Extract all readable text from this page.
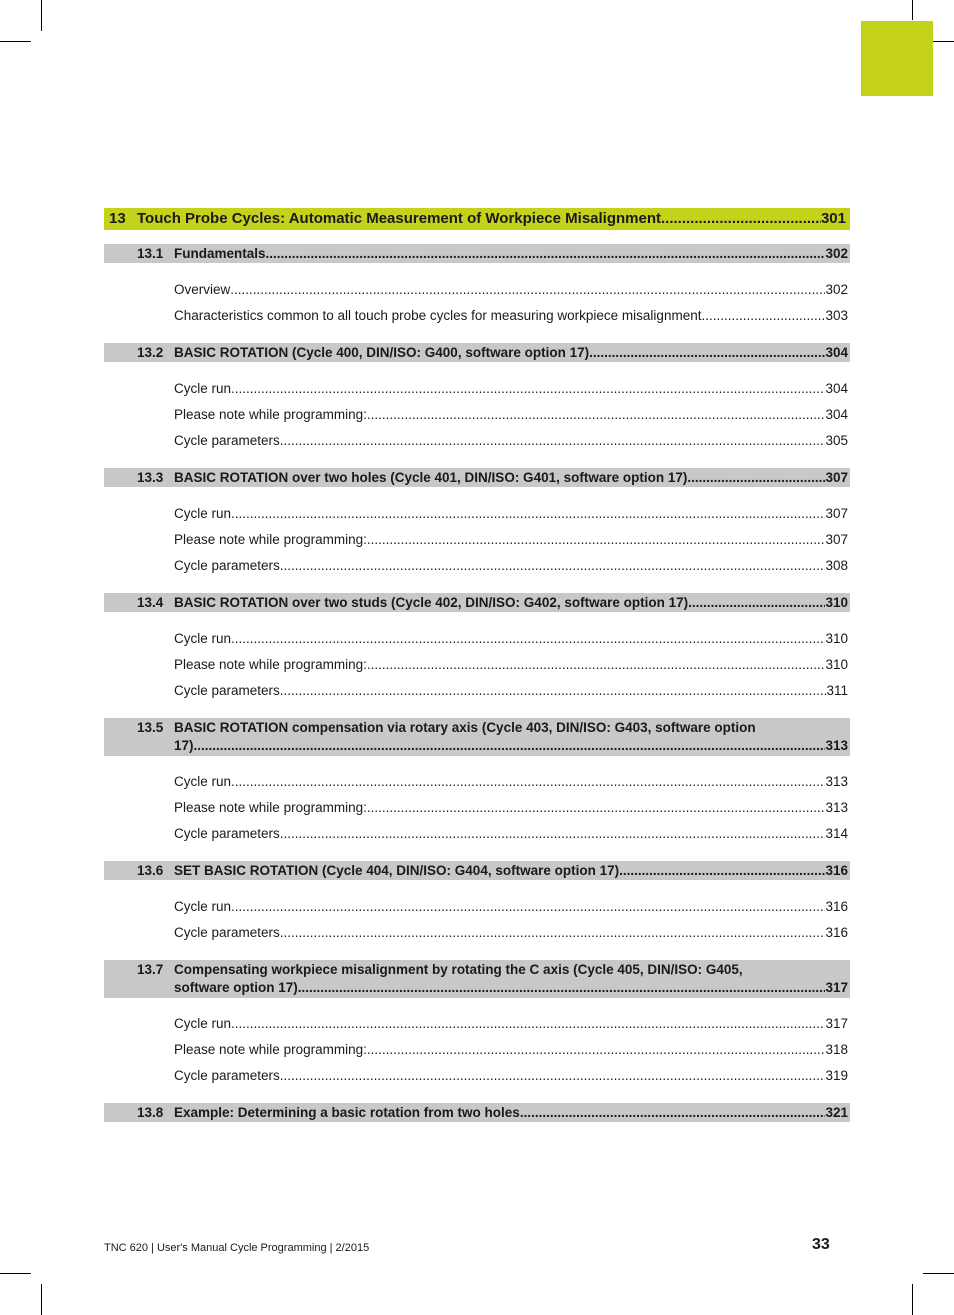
13 Touch Probe Cycles: Automatic Measurement of Workpiece Misalignment .....	301
13.1 Fundamentals .....	302
Overview .....	302
Characteristics common to all touch probe cycles for measuring workpiece misalignment .....	303
13.2 BASIC ROTATION (Cycle 400, DIN/ISO: G400, software option 17) .....	304
Cycle run .....	304
Please note while programming: .....	304
Cycle parameters .....	305
13.3 BASIC ROTATION over two holes (Cycle 401, DIN/ISO: G401, software option 17) .....	307
Cycle run .....	307
Please note while programming: .....	307
Cycle parameters .....	308
13.4 BASIC ROTATION over two studs (Cycle 402, DIN/ISO: G402, software option 17) .....	310
Cycle run .....	310
Please note while programming: .....	310
Cycle parameters .....	311
13.5 BASIC ROTATION compensation via rotary axis (Cycle 403, DIN/ISO: G403, software option
17) .....	313
Cycle run .....	313
Please note while programming: .....	313
Cycle parameters .....	314
13.6 SET BASIC ROTATION (Cycle 404, DIN/ISO: G404, software option 17) .....	316
Cycle run .....	316
Cycle parameters .....	316
13.7 Compensating workpiece misalignment by rotating the C axis (Cycle 405, DIN/ISO: G405,
software option 17) .....	317
Cycle run .....	317
Please note while programming: .....	318
Cycle parameters .....	319
13.8 Example: Determining a basic rotation from two holes .....	321
TNC 620 | User's Manual Cycle Programming | 2/2015	33
